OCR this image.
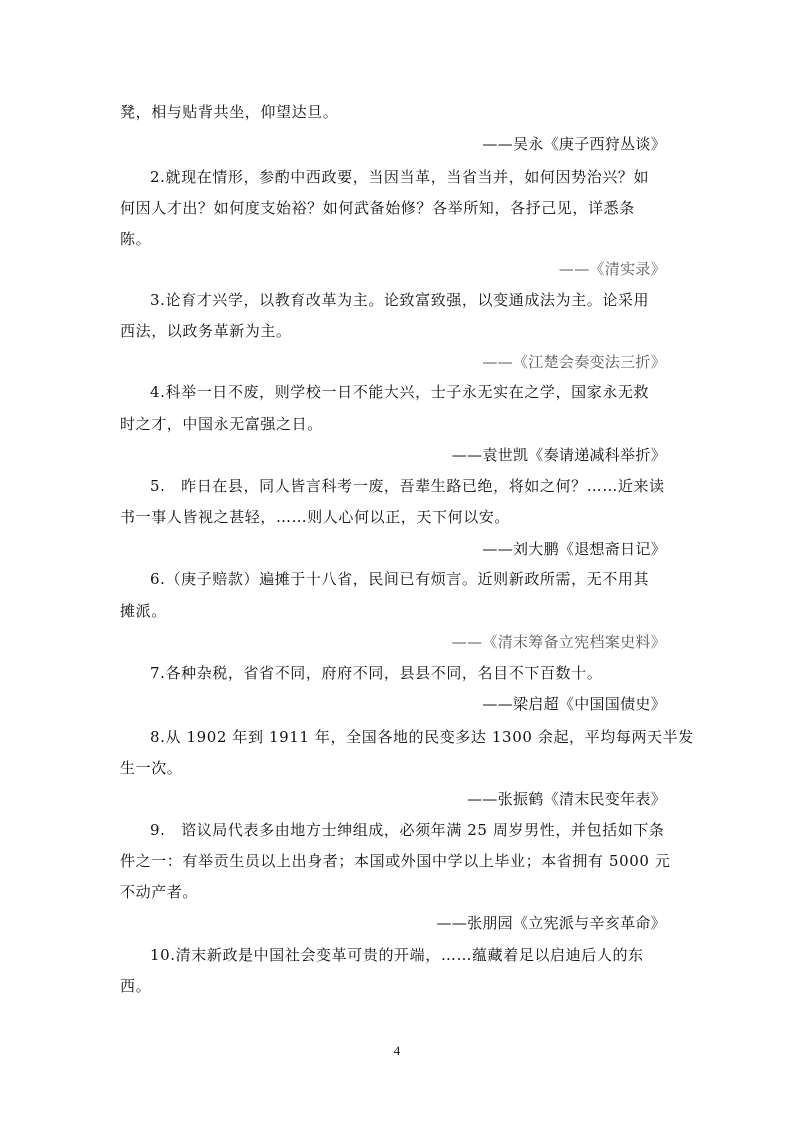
凳，相与贴背共坐，仰望达旦。
——吴永《庚子西狩丛谈》
2.就现在情形，参酌中西政要，当因当革，当省当并，如何因势治兴？如
何因人才出？如何度支始裕？如何武备始修？各举所知，各抒己见，详悉条
陈。
——《清实录》
3.论育才兴学，以教育改革为主。论致富致强，以变通成法为主。论采用
西法，以政务革新为主。
——《江楚会奏变法三折》
4.科举一日不废，则学校一日不能大兴，士子永无实在之学，国家永无救
时之才，中国永无富强之日。
——袁世凯《奏请递减科举折》
5.　昨日在县，同人皆言科考一废，吾辈生路已绝，将如之何？……近来读
书一事人皆视之甚轻，……则人心何以正，天下何以安。
——刘大鹏《退想斋日记》
6.（庚子赔款）遍摊于十八省，民间已有烦言。近则新政所需，无不用其
摊派。
——《清末筹备立宪档案史料》
7.各种杂税，省省不同，府府不同，县县不同，名目不下百数十。
——梁启超《中国国债史》
8.从 1902 年到 1911 年，全国各地的民变多达 1300 余起，平均每两天半发
生一次。
——张振鹤《清末民变年表》
9.　谘议局代表多由地方士绅组成，必须年满 25 周岁男性，并包括如下条
件之一：有举贡生员以上出身者；本国或外国中学以上毕业；本省拥有 5000 元
不动产者。
——张朋园《立宪派与辛亥革命》
10.清末新政是中国社会变革可贵的开端，……蕴藏着足以启迪后人的东
西。
4
